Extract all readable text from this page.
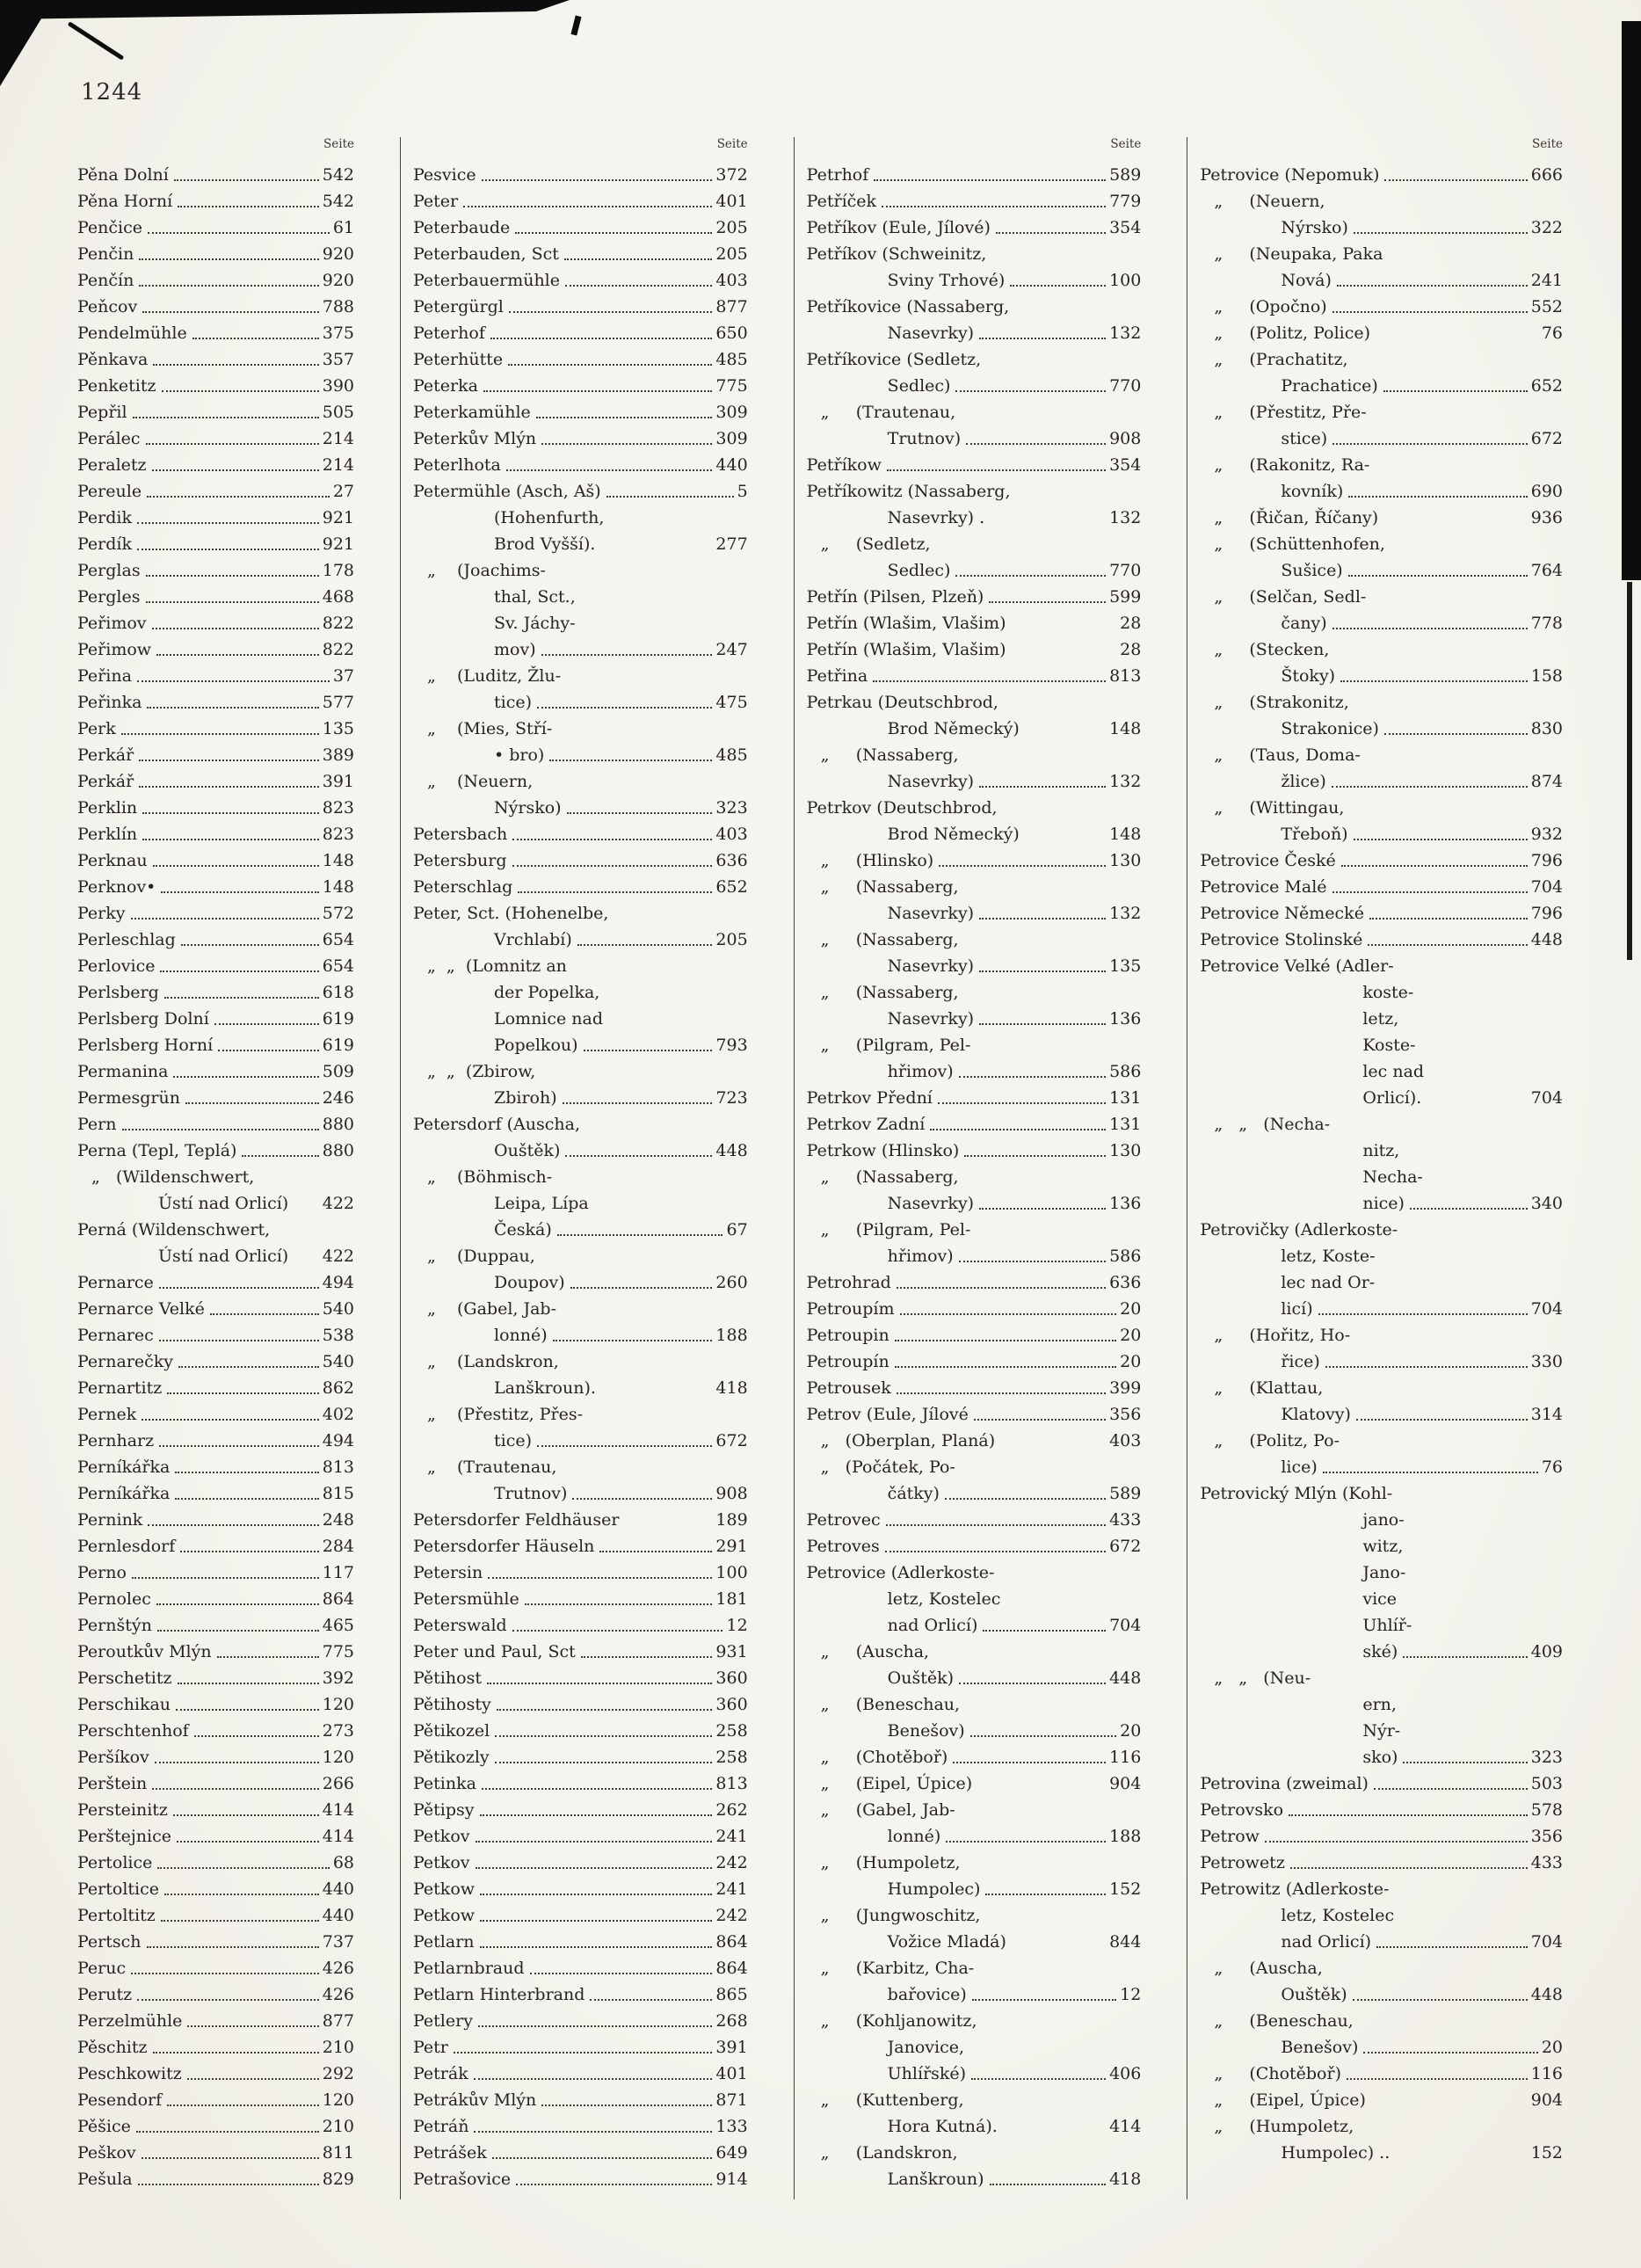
1244
Seite
Pěna Dolní	542
Pěna Horní	542
Penčice	61
Penčin	920
Penčín	920
Peňcov	788
Pendelmühle	375
Pěnkava	357
Penketitz	390
Pepřil	505
Perálec	214
Peraletz	214
Pereule	27
Perdik	921
Perdík	921
Perglas	178
Pergles	468
Peřimov	822
Peřimow	822
Peřina	37
Peřinka	577
Perk	135
Perkář	389
Perkář	391
Perklin	823
Perklín	823
Perknau	148
Perknov•	148
Perky	572
Perleschlag	654
Perlovice	654
Perlsberg	618
Perlsberg Dolní	619
Perlsberg Horní	619
Permanina	509
Permesgrün	246
Pern	880
Perna (Tepl, Teplá)	880
„   (Wildenschwert,
Ústí nad Orlicí) 422
Perná (Wildenschwert,
Ústí nad Orlicí) 422
Pernarce	494
Pernarce Velké	540
Pernarec	538
Pernarečky	540
Pernartitz	862
Pernek	402
Pernharz	494
Perníkářka	813
Perníkářka	815
Pernink	248
Pernlesdorf	284
Perno	117
Pernolec	864
Pernštýn	465
Peroutkův Mlýn	775
Perschetitz	392
Perschikau	120
Perschtenhof	273
Peršíkov	120
Perštein	266
Persteinitz	414
Perštejnice	414
Pertolice	68
Pertoltice	440
Pertoltitz	440
Pertsch	737
Peruc	426
Perutz	426
Perzelmühle	877
Pěschitz	210
Peschkowitz	292
Pesendorf	120
Pěšice	210
Peškov	811
Pešula	829
Seite
Pesvice	372
Peter	401
Peterbaude	205
Peterbauden, Sct	205
Peterbauermühle	403
Petergürgl	877
Peterhof	650
Peterhütte	485
Peterka	775
Peterkamühle	309
Peterkův Mlýn	309
Peterlhota	440
Petermühle (Asch, Aš)	5
(Hohenfurth,
Brod Vyšší).	277
„    (Joachims-
thal, Sct.,
Sv. Jáchy-
mov)	247
„    (Luditz, Žlu-
tice)	475
„    (Mies, Stří-
• bro)	485
„    (Neuern,
Nýrsko)	323
Petersbach	403
Petersburg	636
Peterschlag	652
Peter, Sct. (Hohenelbe,
Vrchlabí)	205
„  „  (Lomnitz an
der Popelka,
Lomnice nad
Popelkou)	793
„  „  (Zbirow,
Zbiroh)	723
Petersdorf (Auscha,
Ouštěk)	448
„    (Böhmisch-
Leipa, Lípa
Česká)	67
„    (Duppau,
Doupov)	260
„    (Gabel, Jab-
lonné)	188
„    (Landskron,
Lanškroun).	418
„    (Přestitz, Přes-
tice)	672
„    (Trautenau,
Trutnov)	908
Petersdorfer Feldhäuser	189
Petersdorfer Häuseln	291
Petersin	100
Petersmühle	181
Peterswald	12
Peter und Paul, Sct	931
Pětihost	360
Pětihosty	360
Pětikozel	258
Pětikozly	258
Petinka	813
Pětipsy	262
Petkov	241
Petkov	242
Petkow	241
Petkow	242
Petlarn	864
Petlarnbraud	864
Petlarn Hinterbrand	865
Petlery	268
Petr	391
Petrák	401
Petrákův Mlýn	871
Petráň	133
Petrášek	649
Petrašovice	914
Seite
Petrhof	589
Petříček	779
Petříkov (Eule, Jílové)	354
Petříkov (Schweinitz,
Sviny Trhové)	100
Petříkovice (Nassaberg,
Nasevrky)	132
Petříkovice (Sedletz,
Sedlec)	770
„     (Trautenau,
Trutnov)	908
Petříkow	354
Petříkowitz (Nassaberg,
Nasevrky) .	132
„     (Sedletz,
Sedlec)	770
Petřín (Pilsen, Plzeň)	599
Petřín (Wlašim, Vlašim)	28
Petřín (Wlašim, Vlašim)	28
Petřina	813
Petrkau (Deutschbrod,
Brod Německý)	148
„     (Nassaberg,
Nasevrky)	132
Petrkov (Deutschbrod,
Brod Německý)	148
„     (Hlinsko)	130
„     (Nassaberg,
Nasevrky)	132
„     (Nassaberg,
Nasevrky)	135
„     (Nassaberg,
Nasevrky)	136
„     (Pilgram, Pel-
hřimov)	586
Petrkov Přední	131
Petrkov Zadní	131
Petrkow (Hlinsko)	130
„     (Nassaberg,
Nasevrky)	136
„     (Pilgram, Pel-
hřimov)	586
Petrohrad	636
Petroupím	20
Petroupin	20
Petroupín	20
Petrousek	399
Petrov (Eule, Jílové	356
„   (Oberplan, Planá)	403
„   (Počátek, Po-
čátky)	589
Petrovec	433
Petroves	672
Petrovice (Adlerkoste-
letz, Kostelec
nad Orlicí)	704
„     (Auscha,
Ouštěk)	448
„     (Beneschau,
Benešov)	20
„     (Chotěboř)	116
„     (Eipel, Úpice)	904
„     (Gabel, Jab-
lonné)	188
„     (Humpoletz,
Humpolec)	152
„     (Jungwoschitz,
Vožice Mladá)	844
„     (Karbitz, Cha-
bařovice)	12
„     (Kohljanowitz,
Janovice,
Uhlířské)	406
„     (Kuttenberg,
Hora Kutná).	414
„     (Landskron,
Lanškroun)	418
Seite
Petrovice (Nepomuk)	666
„     (Neuern,
Nýrsko)	322
„     (Neupaka, Paka
Nová)	241
„     (Opočno)	552
„     (Politz, Police)	76
„     (Prachatitz,
Prachatice)	652
„     (Přestitz, Pře-
stice)	672
„     (Rakonitz, Ra-
kovník)	690
„     (Řičan, Říčany)	936
„     (Schüttenhofen,
Sušice)	764
„     (Selčan, Sedl-
čany)	778
„     (Stecken,
Štoky)	158
„     (Strakonitz,
Strakonice)	830
„     (Taus, Doma-
žlice)	874
„     (Wittingau,
Třeboň)	932
Petrovice České	796
Petrovice Malé	704
Petrovice Německé	796
Petrovice Stolinské	448
Petrovice Velké (Adler-
koste-
letz,
Koste-
lec nad
Orlicí).	704
„   „   (Necha-
nitz,
Necha-
nice)	340
Petrovičky (Adlerkoste-
letz, Koste-
lec nad Or-
licí)	704
„     (Hořitz, Ho-
řice)	330
„     (Klattau,
Klatovy)	314
„     (Politz, Po-
lice)	76
Petrovický Mlýn (Kohl-
jano-
witz,
Jano-
vice
Uhlíř-
ské)	409
„   „   (Neu-
ern,
Nýr-
sko)	323
Petrovina (zweimal)	503
Petrovsko	578
Petrow	356
Petrowetz	433
Petrowitz (Adlerkoste-
letz, Kostelec
nad Orlicí)	704
„     (Auscha,
Ouštěk)	448
„     (Beneschau,
Benešov)	20
„     (Chotěboř)	116
„     (Eipel, Úpice)	904
„     (Humpoletz,
Humpolec) ..	152
